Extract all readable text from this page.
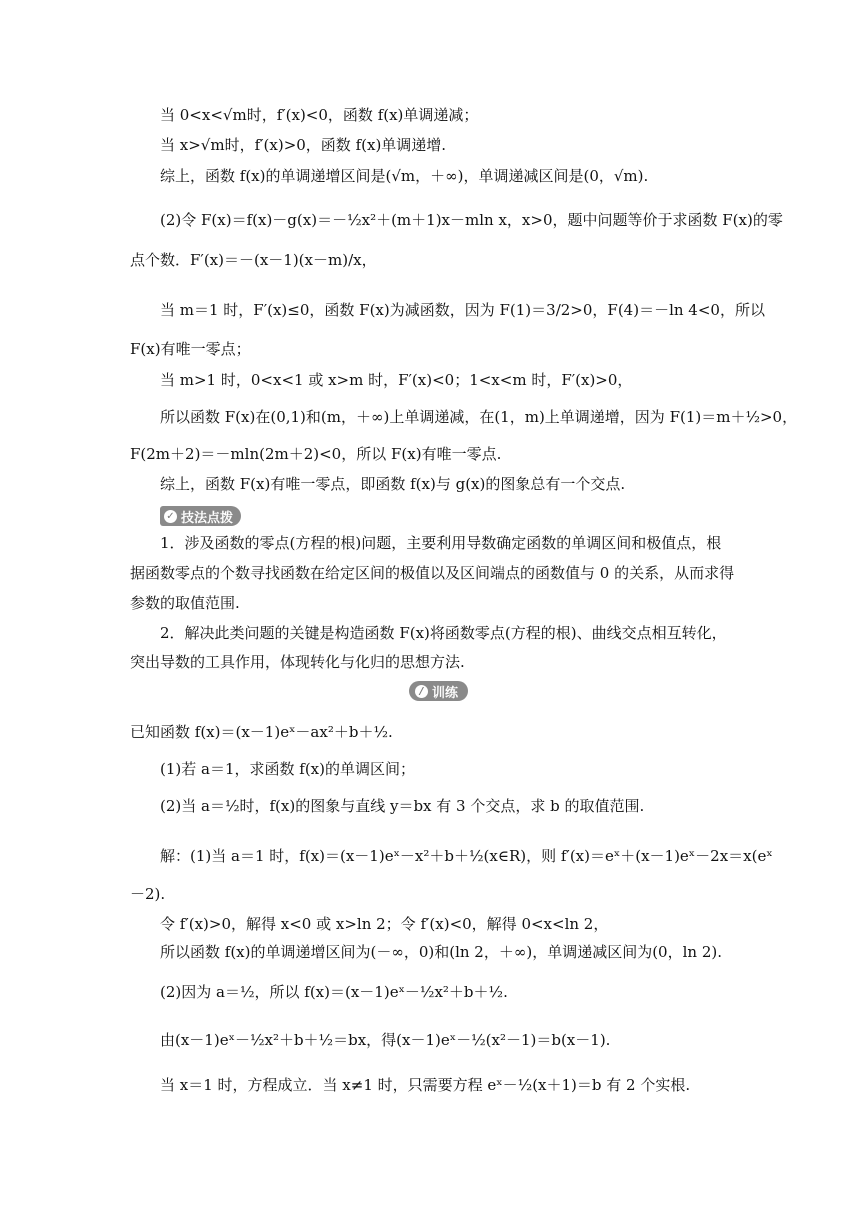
当 0<x<√m时，f′(x)<0，函数 f(x)单调递减；
当 x>√m时，f′(x)>0，函数 f(x)单调递增.
综上，函数 f(x)的单调递增区间是(√m，＋∞)，单调递减区间是(0，√m).
(2)令 F(x)＝f(x)－g(x)＝－½x²＋(m＋1)x－mln x，x>0，题中问题等价于求函数 F(x)的零
点个数．F′(x)＝－(x－1)(x－m)/x，
当 m＝1 时，F′(x)≤0，函数 F(x)为减函数，因为 F(1)＝3/2>0，F(4)＝－ln 4<0，所以
F(x)有唯一零点；
当 m>1 时，0<x<1 或 x>m 时，F′(x)<0；1<x<m 时，F′(x)>0，
所以函数 F(x)在(0,1)和(m，＋∞)上单调递减，在(1，m)上单调递增，因为 F(1)＝m＋½>0，
F(2m＋2)＝－mln(2m＋2)<0，所以 F(x)有唯一零点.
综上，函数 F(x)有唯一零点，即函数 f(x)与 g(x)的图象总有一个交点.
✓ 技法点拨
1．涉及函数的零点(方程的根)问题，主要利用导数确定函数的单调区间和极值点，根
据函数零点的个数寻找函数在给定区间的极值以及区间端点的函数值与 0 的关系，从而求得
参数的取值范围.
2．解决此类问题的关键是构造函数 F(x)将函数零点(方程的根)、曲线交点相互转化，
突出导数的工具作用，体现转化与化归的思想方法.
/ 训练
已知函数 f(x)＝(x－1)eˣ－ax²＋b＋½.
(1)若 a＝1，求函数 f(x)的单调区间；
(2)当 a＝½时，f(x)的图象与直线 y＝bx 有 3 个交点，求 b 的取值范围.
解：(1)当 a＝1 时，f(x)＝(x－1)eˣ－x²＋b＋½(x∈R)，则 f′(x)＝eˣ＋(x－1)eˣ－2x＝x(eˣ
－2).
令 f′(x)>0，解得 x<0 或 x>ln 2；令 f′(x)<0，解得 0<x<ln 2，
所以函数 f(x)的单调递增区间为(－∞，0)和(ln 2，＋∞)，单调递减区间为(0，ln 2).
(2)因为 a＝½，所以 f(x)＝(x－1)eˣ－½x²＋b＋½.
由(x－1)eˣ－½x²＋b＋½＝bx，得(x－1)eˣ－½(x²－1)＝b(x－1).
当 x＝1 时，方程成立．当 x≠1 时，只需要方程 eˣ－½(x＋1)＝b 有 2 个实根.
